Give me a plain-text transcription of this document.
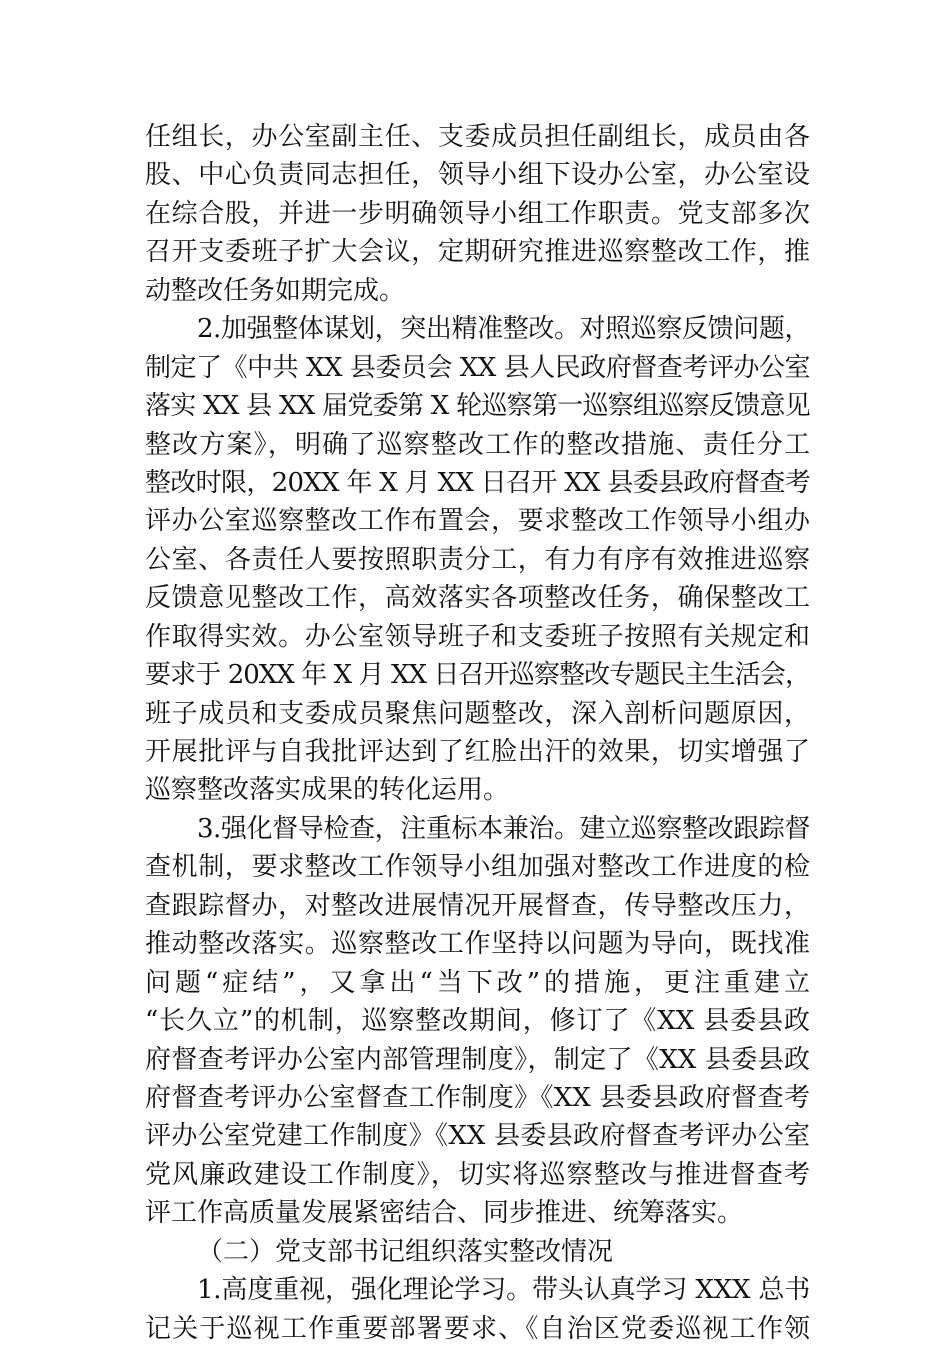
任组长，办公室副主任、支委成员担任副组长，成员由各
股、中心负责同志担任，领导小组下设办公室，办公室设
在综合股，并进一步明确领导小组工作职责。党支部多次
召开支委班子扩大会议，定期研究推进巡察整改工作，推
动整改任务如期完成。
2.加强整体谋划，突出精准整改。对照巡察反馈问题，
制定了《中共 XX 县委员会 XX 县人民政府督查考评办公室
落实 XX 县 XX 届党委第 X 轮巡察第一巡察组巡察反馈意见
整改方案》，明确了巡察整改工作的整改措施、责任分工
整改时限，20XX 年 X 月 XX 日召开 XX 县委县政府督查考
评办公室巡察整改工作布置会，要求整改工作领导小组办
公室、各责任人要按照职责分工，有力有序有效推进巡察
反馈意见整改工作，高效落实各项整改任务，确保整改工
作取得实效。办公室领导班子和支委班子按照有关规定和
要求于 20XX 年 X 月 XX 日召开巡察整改专题民主生活会，
班子成员和支委成员聚焦问题整改，深入剖析问题原因，
开展批评与自我批评达到了红脸出汗的效果，切实增强了
巡察整改落实成果的转化运用。
3.强化督导检查，注重标本兼治。建立巡察整改跟踪督
查机制，要求整改工作领导小组加强对整改工作进度的检
查跟踪督办，对整改进展情况开展督查，传导整改压力，
推动整改落实。巡察整改工作坚持以问题为导向，既找准
问题“症结”，又拿出“当下改”的措施，更注重建立
“长久立”的机制，巡察整改期间，修订了《XX 县委县政
府督查考评办公室内部管理制度》，制定了《XX 县委县政
府督查考评办公室督查工作制度》《XX 县委县政府督查考
评办公室党建工作制度》《XX 县委县政府督查考评办公室
党风廉政建设工作制度》，切实将巡察整改与推进督查考
评工作高质量发展紧密结合、同步推进、统筹落实。
（二）党支部书记组织落实整改情况
1.高度重视，强化理论学习。带头认真学习 XXX 总书
记关于巡视工作重要部署要求、《自治区党委巡视工作领
